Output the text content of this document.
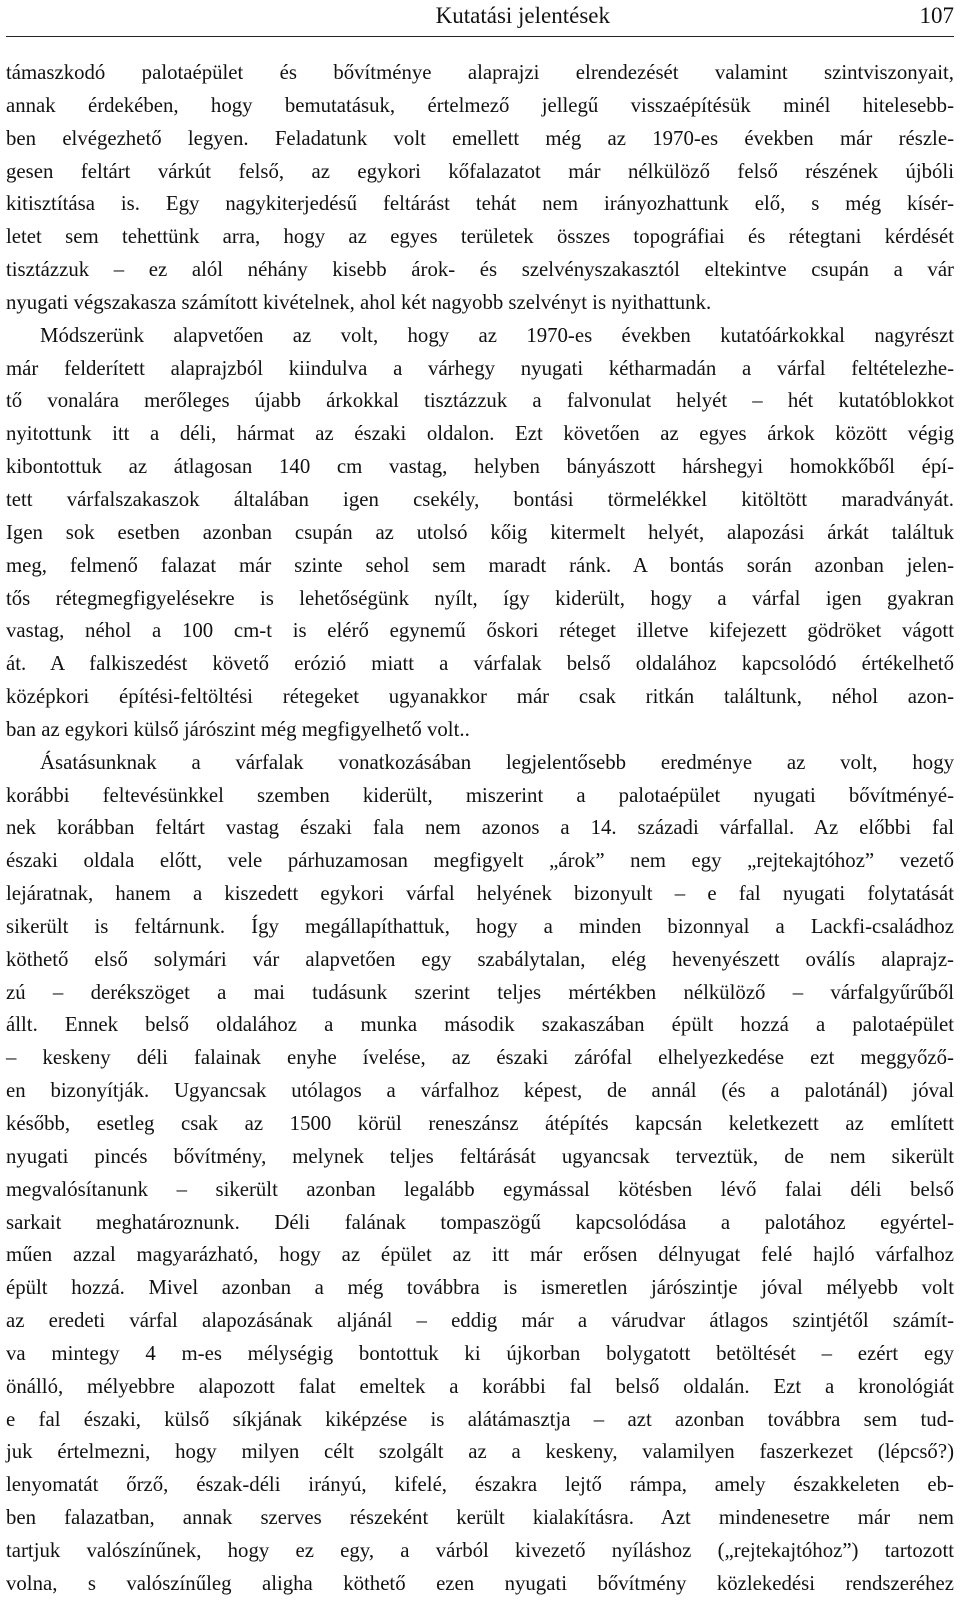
Kutatási jelentések	107
támaszkodó palotaépület és bővítménye alaprajzi elrendezését valamint szintviszonyait,
annak érdekében, hogy bemutatásuk, értelmező jellegű visszaépítésük minél hitelesebb-
ben elvégezhető legyen. Feladatunk volt emellett még az 1970-es években már részle-
gesen feltárt várkút felső, az egykori kőfalazatot már nélkülöző felső részének újbóli
kitisztítása is. Egy nagykiterjedésű feltárást tehát nem irányozhattunk elő, s még kísér-
letet sem tehettünk arra, hogy az egyes területek összes topográfiai és rétegtani kérdését
tisztázzuk – ez alól néhány kisebb árok- és szelvényszakasztól eltekintve csupán a vár
nyugati végszakasza számított kivételnek, ahol két nagyobb szelvényt is nyithattunk.
Módszerünk alapvetően az volt, hogy az 1970-es években kutatóárkokkal nagyrészt
már felderített alaprajzból kiindulva a várhegy nyugati kétharmadán a várfal feltételezhe-
tő vonalára merőleges újabb árkokkal tisztázzuk a falvonulat helyét – hét kutatóblokkot
nyitottunk itt a déli, hármat az északi oldalon. Ezt követően az egyes árkok között végig
kibontottuk az átlagosan 140 cm vastag, helyben bányászott hárshegyi homokkőből épí-
tett várfalszakaszok általában igen csekély, bontási törmelékkel kitöltött maradványát.
Igen sok esetben azonban csupán az utolsó kőig kitermelt helyét, alapozási árkát találtuk
meg, felmenő falazat már szinte sehol sem maradt ránk. A bontás során azonban jelen-
tős rétegmegfigyelésekre is lehetőségünk nyílt, így kiderült, hogy a várfal igen gyakran
vastag, néhol a 100 cm-t is elérő egynemű őskori réteget illetve kifejezett gödröket vágott
át. A falkiszedést követő erózió miatt a várfalak belső oldalához kapcsolódó értékelhető
középkori építési-feltöltési rétegeket ugyanakkor már csak ritkán találtunk, néhol azon-
ban az egykori külső járószint még megfigyelhető volt..
Ásatásunknak a várfalak vonatkozásában legjelentősebb eredménye az volt, hogy
korábbi feltevésünkkel szemben kiderült, miszerint a palotaépület nyugati bővítményé-
nek korábban feltárt vastag északi fala nem azonos a 14. századi várfallal. Az előbbi fal
északi oldala előtt, vele párhuzamosan megfigyelt „árok” nem egy „rejtekajtóhoz” vezető
lejáratnak, hanem a kiszedett egykori várfal helyének bizonyult – e fal nyugati folytatását
sikerült is feltárnunk. Így megállapíthattuk, hogy a minden bizonnyal a Lackfi-családhoz
köthető első solymári vár alapvetően egy szabálytalan, elég hevenyészett oválís alaprajz-
zú – derékszöget a mai tudásunk szerint teljes mértékben nélkülöző – várfalgyűrűből
állt. Ennek belső oldalához a munka második szakaszában épült hozzá a palotaépület
– keskeny déli falainak enyhe ívelése, az északi zárófal elhelyezkedése ezt meggyőző-
en bizonyítják. Ugyancsak utólagos a várfalhoz képest, de annál (és a palotánál) jóval
később, esetleg csak az 1500 körül reneszánsz átépítés kapcsán keletkezett az említett
nyugati pincés bővítmény, melynek teljes feltárását ugyancsak terveztük, de nem sikerült
megvalósítanunk – sikerült azonban legalább egymással kötésben lévő falai déli belső
sarkait meghatároznunk. Déli falának tompaszögű kapcsolódása a palotához egyértel-
műen azzal magyarázható, hogy az épület az itt már erősen délnyugat felé hajló várfalhoz
épült hozzá. Mivel azonban a még továbbra is ismeretlen járószintje jóval mélyebb volt
az eredeti várfal alapozásának aljánál – eddig már a várudvar átlagos szintjétől számít-
va mintegy 4 m-es mélységig bontottuk ki újkorban bolygatott betöltését – ezért egy
önálló, mélyebbre alapozott falat emeltek a korábbi fal belső oldalán. Ezt a kronológiát
e fal északi, külső síkjának kiképzése is alátámasztja – azt azonban továbbra sem tud-
juk értelmezni, hogy milyen célt szolgált az a keskeny, valamilyen faszerkezet (lépcső?)
lenyomatát őrző, észak-déli irányú, kifelé, északra lejtő rámpa, amely északkeleten eb-
ben falazatban, annak szerves részeként került kialakításra. Azt mindenesetre már nem
tartjuk valószínűnek, hogy ez egy, a várból kivezető nyíláshoz („rejtekajtóhoz”) tartozott
volna, s valószínűleg aligha köthető ezen nyugati bővítmény közlekedési rendszeréhez
